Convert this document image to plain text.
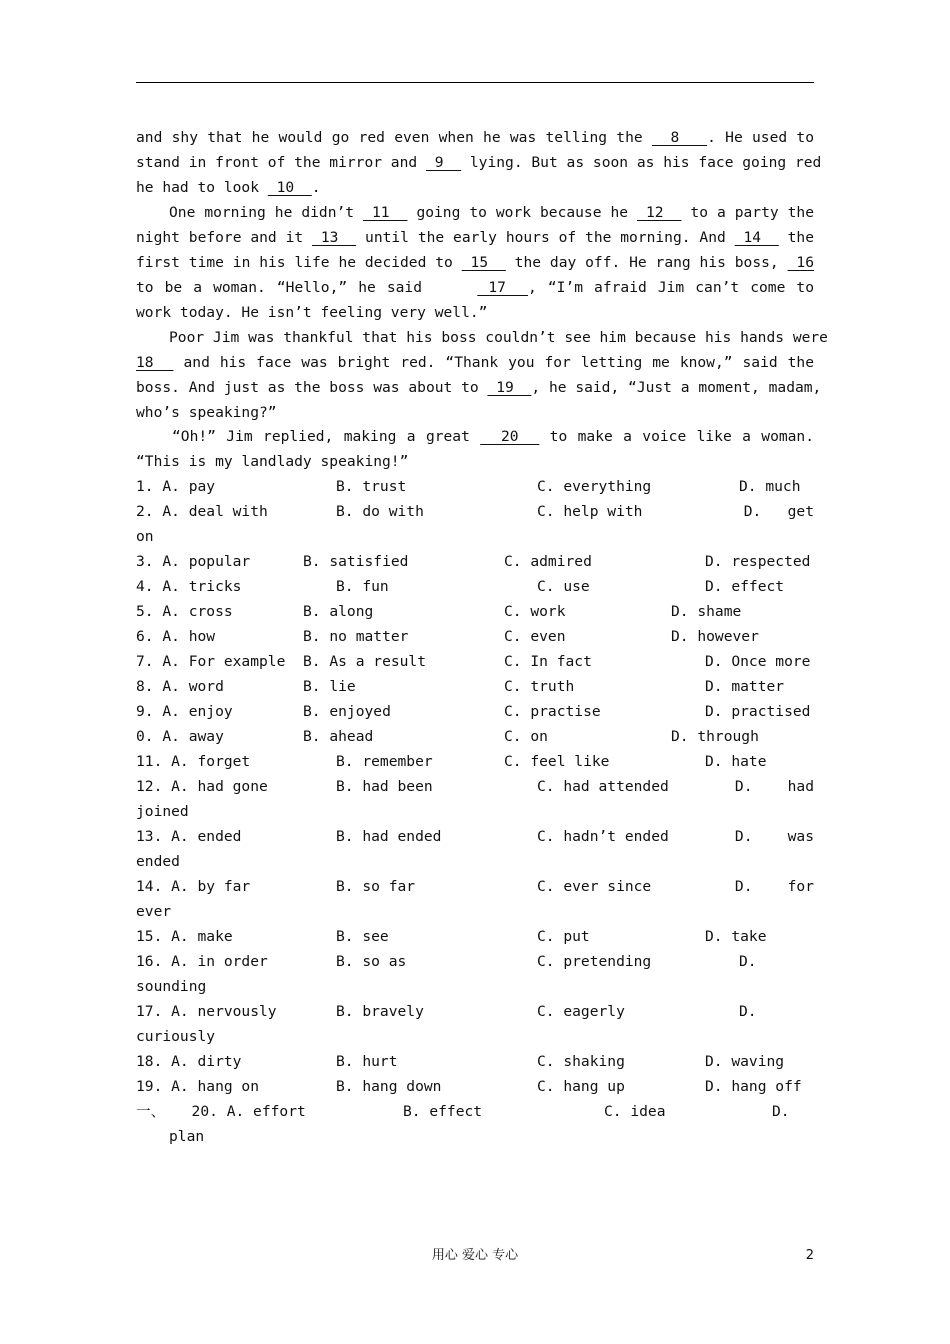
and shy that he would go red even when he was telling the   8   . He used to
stand in front of the mirror and  9   lying. But as soon as his face going red
he had to look  10  .
One morning he didn’t  11   going to work because he  12   to a party the
night before and it  13   until the early hours of the morning. And  14   the
first time in his life he decided to  15   the day off. He rang his boss,  16
to be a woman. “Hello,” he said      17  , “I’m afraid Jim can’t come to
work today. He isn’t feeling very well.”
Poor Jim was thankful that his boss couldn’t see him because his hands were
18   and his face was bright red. “Thank you for letting me know,” said the
boss. And just as the boss was about to  19  , he said, “Just a moment, madam,
who’s speaking?”
“Oh!” Jim replied, making a great   20   to make a voice like a woman.
“This is my landlady speaking!”
1. A. pay	B. trust	C. everything	D. much
2. A. deal with	B. do with	C. help with	D.   get
on
3. A. popular	B. satisfied	C. admired	D. respected
4. A. tricks	B. fun	C. use	D. effect
5. A. cross	B. along	C. work	D. shame
6. A. how	B. no matter	C. even	D. however
7. A. For example B. As a result	C. In fact	D. Once more
8. A. word	B. lie	C. truth	D. matter
9. A. enjoy	B. enjoyed	C. practise	D. practised
0. A. away	B. ahead	C. on	D. through
11. A. forget	B. remember	C. feel like	D. hate
12. A. had gone	B. had been	C. had attended	D.    had
joined
13. A. ended	B. had ended	C. hadn’t ended	D.    was
ended
14. A. by far	B. so far	C. ever since	D.    for
ever
15. A. make	B. see	C. put	D. take
16. A. in order	B. so as	C. pretending	D.
sounding
17. A. nervously	B. bravely	C. eagerly	D.
curiously
18. A. dirty	B. hurt	C. shaking	D. waving
19. A. hang on	B. hang down	C. hang up	D. hang off
一、   20. A. effort	B. effect	C. idea	D.
plan
用心 爱心 专心	2
